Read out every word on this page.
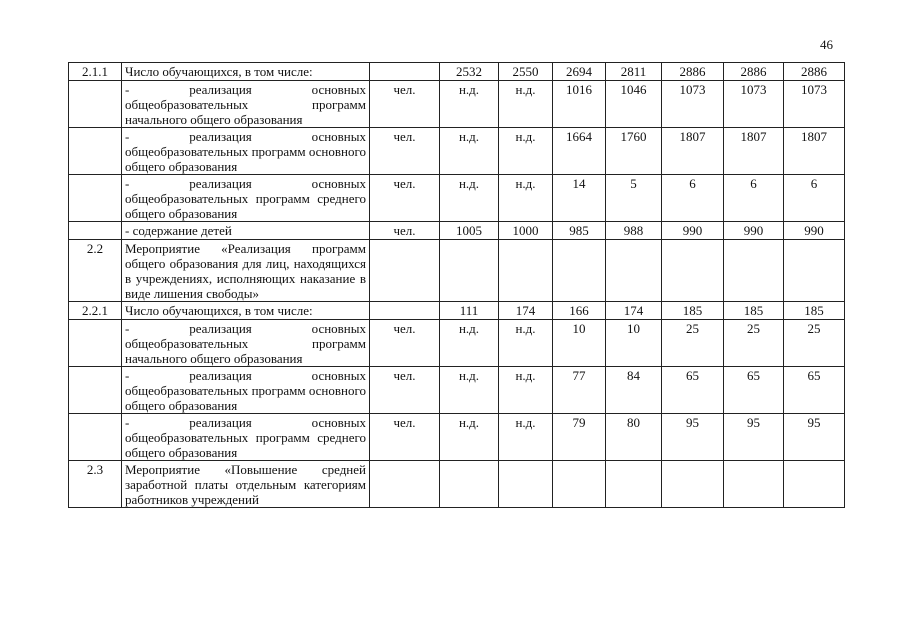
46
2.1.1	Число обучающихся, в том числе:		2532	2550	2694	2811	2886	2886	2886
	- реализация основных общеобразовательных программ начального общего образования	чел.	н.д.	н.д.	1016	1046	1073	1073	1073
	- реализация основных общеобразовательных программ основного общего образования	чел.	н.д.	н.д.	1664	1760	1807	1807	1807
	- реализация основных общеобразовательных программ среднего общего образования	чел.	н.д.	н.д.	14	5	6	6	6
	- содержание детей	чел.	1005	1000	985	988	990	990	990
2.2	Мероприятие «Реализация программ общего образования для лиц, находящихся в учреждениях, исполняющих наказание в виде лишения свободы»								
2.2.1	Число обучающихся, в том числе:		111	174	166	174	185	185	185
	- реализация основных общеобразовательных программ начального общего образования	чел.	н.д.	н.д.	10	10	25	25	25
	- реализация основных общеобразовательных программ основного общего образования	чел.	н.д.	н.д.	77	84	65	65	65
	- реализация основных общеобразовательных программ среднего общего образования	чел.	н.д.	н.д.	79	80	95	95	95
2.3	Мероприятие «Повышение средней заработной платы отдельным категориям работников учреждений								
